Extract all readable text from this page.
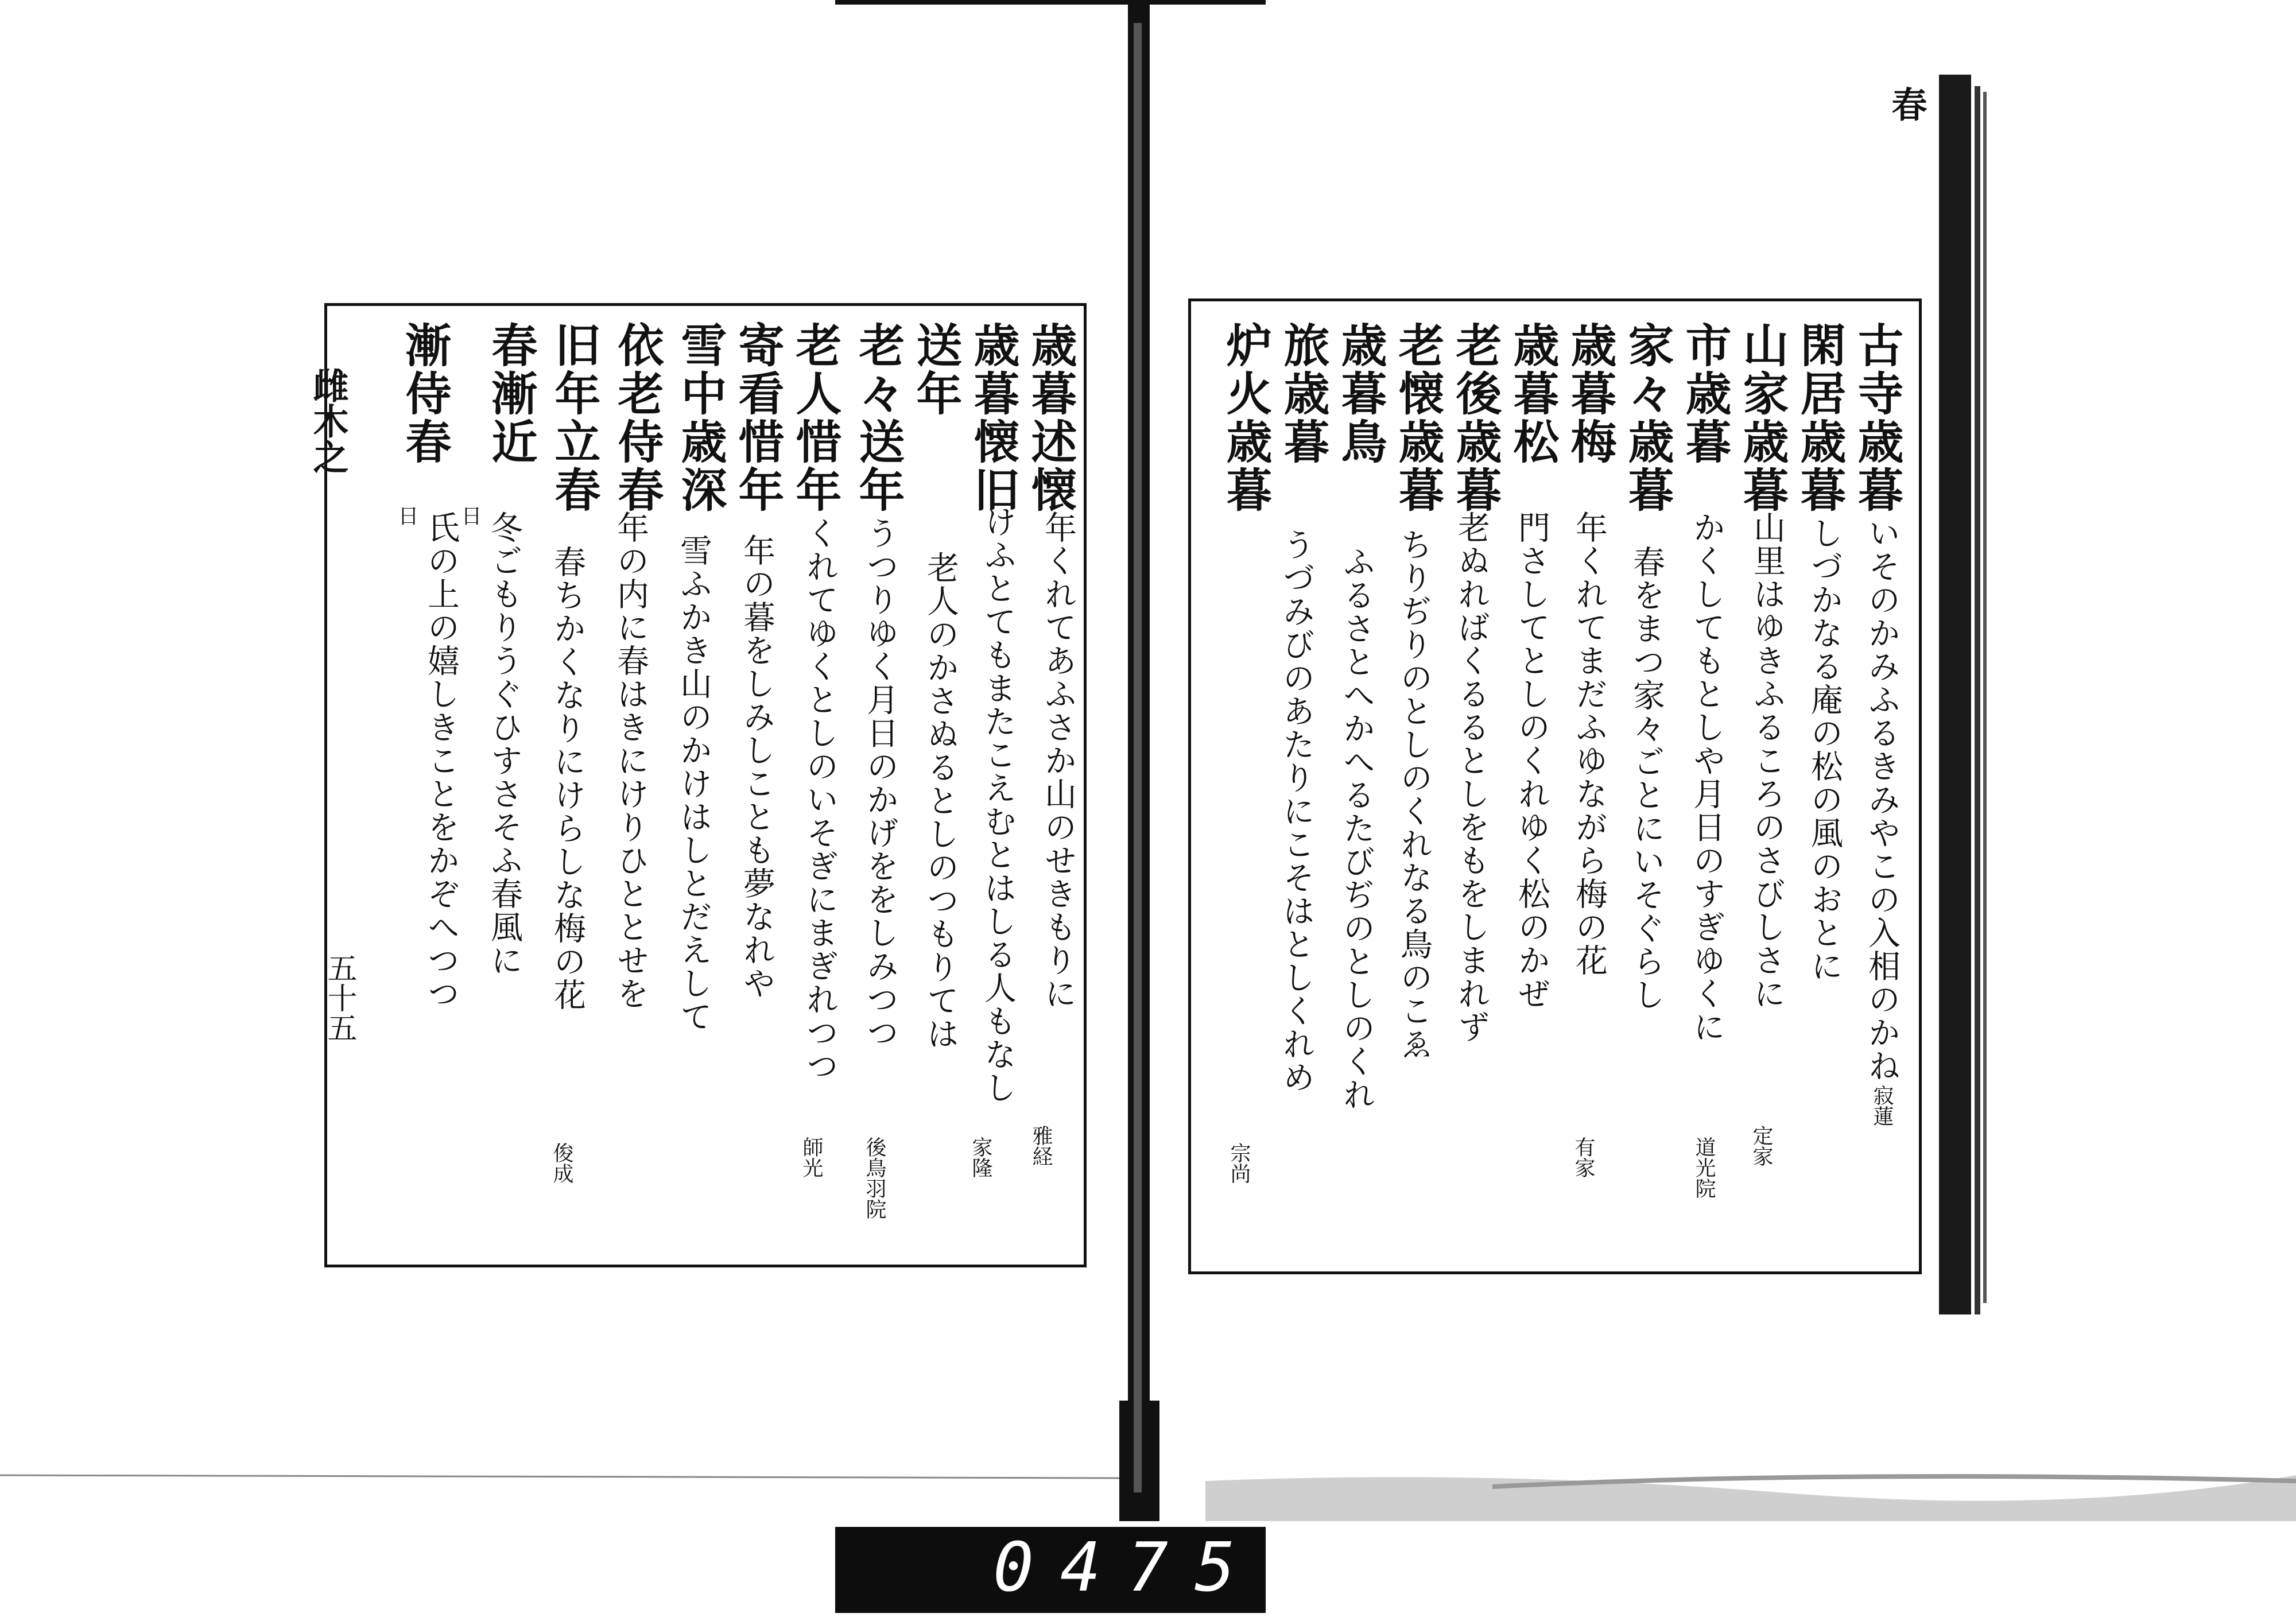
雌木之
五十五
歳暮述懐
歳暮懐旧
送年
老々送年
老人惜年
寄看惜年
雪中歳深
依老侍春
旧年立春
春漸近
漸侍春
年くれてあふさか山のせきもりに
けふとてもまたこえむとはしる人もなし
老人のかさぬるとしのつもりては
うつりゆく月日のかげををしみつつ
くれてゆくとしのいそぎにまぎれつつ
年の暮をしみしことも夢なれや
雪ふかき山のかけはしとだえして
年の内に春はきにけりひととせを
春ちかくなりにけらしな梅の花
冬ごもりうぐひすさそふ春風に
氏の上の嬉しきことをかぞへつつ
雅経
家隆
後鳥羽院
師光
俊成
日
日
春
古寺歳暮
閑居歳暮
山家歳暮
市歳暮
家々歳暮
歳暮梅
歳暮松
老後歳暮
老懐歳暮
歳暮鳥
旅歳暮
炉火歳暮
いそのかみふるきみやこの入相のかね
しづかなる庵の松の風のおとに
山里はゆきふるころのさびしさに
かくしてもとしや月日のすぎゆくに
春をまつ家々ごとにいそぐらし
年くれてまだふゆながら梅の花
門さしてとしのくれゆく松のかぜ
老ぬればくるるとしをもをしまれず
ちりぢりのとしのくれなる鳥のこゑ
ふるさとへかへるたびぢのとしのくれ
うづみびのあたりにこそはとしくれめ
寂蓮
定家
道光院
有家
宗尚
0475
